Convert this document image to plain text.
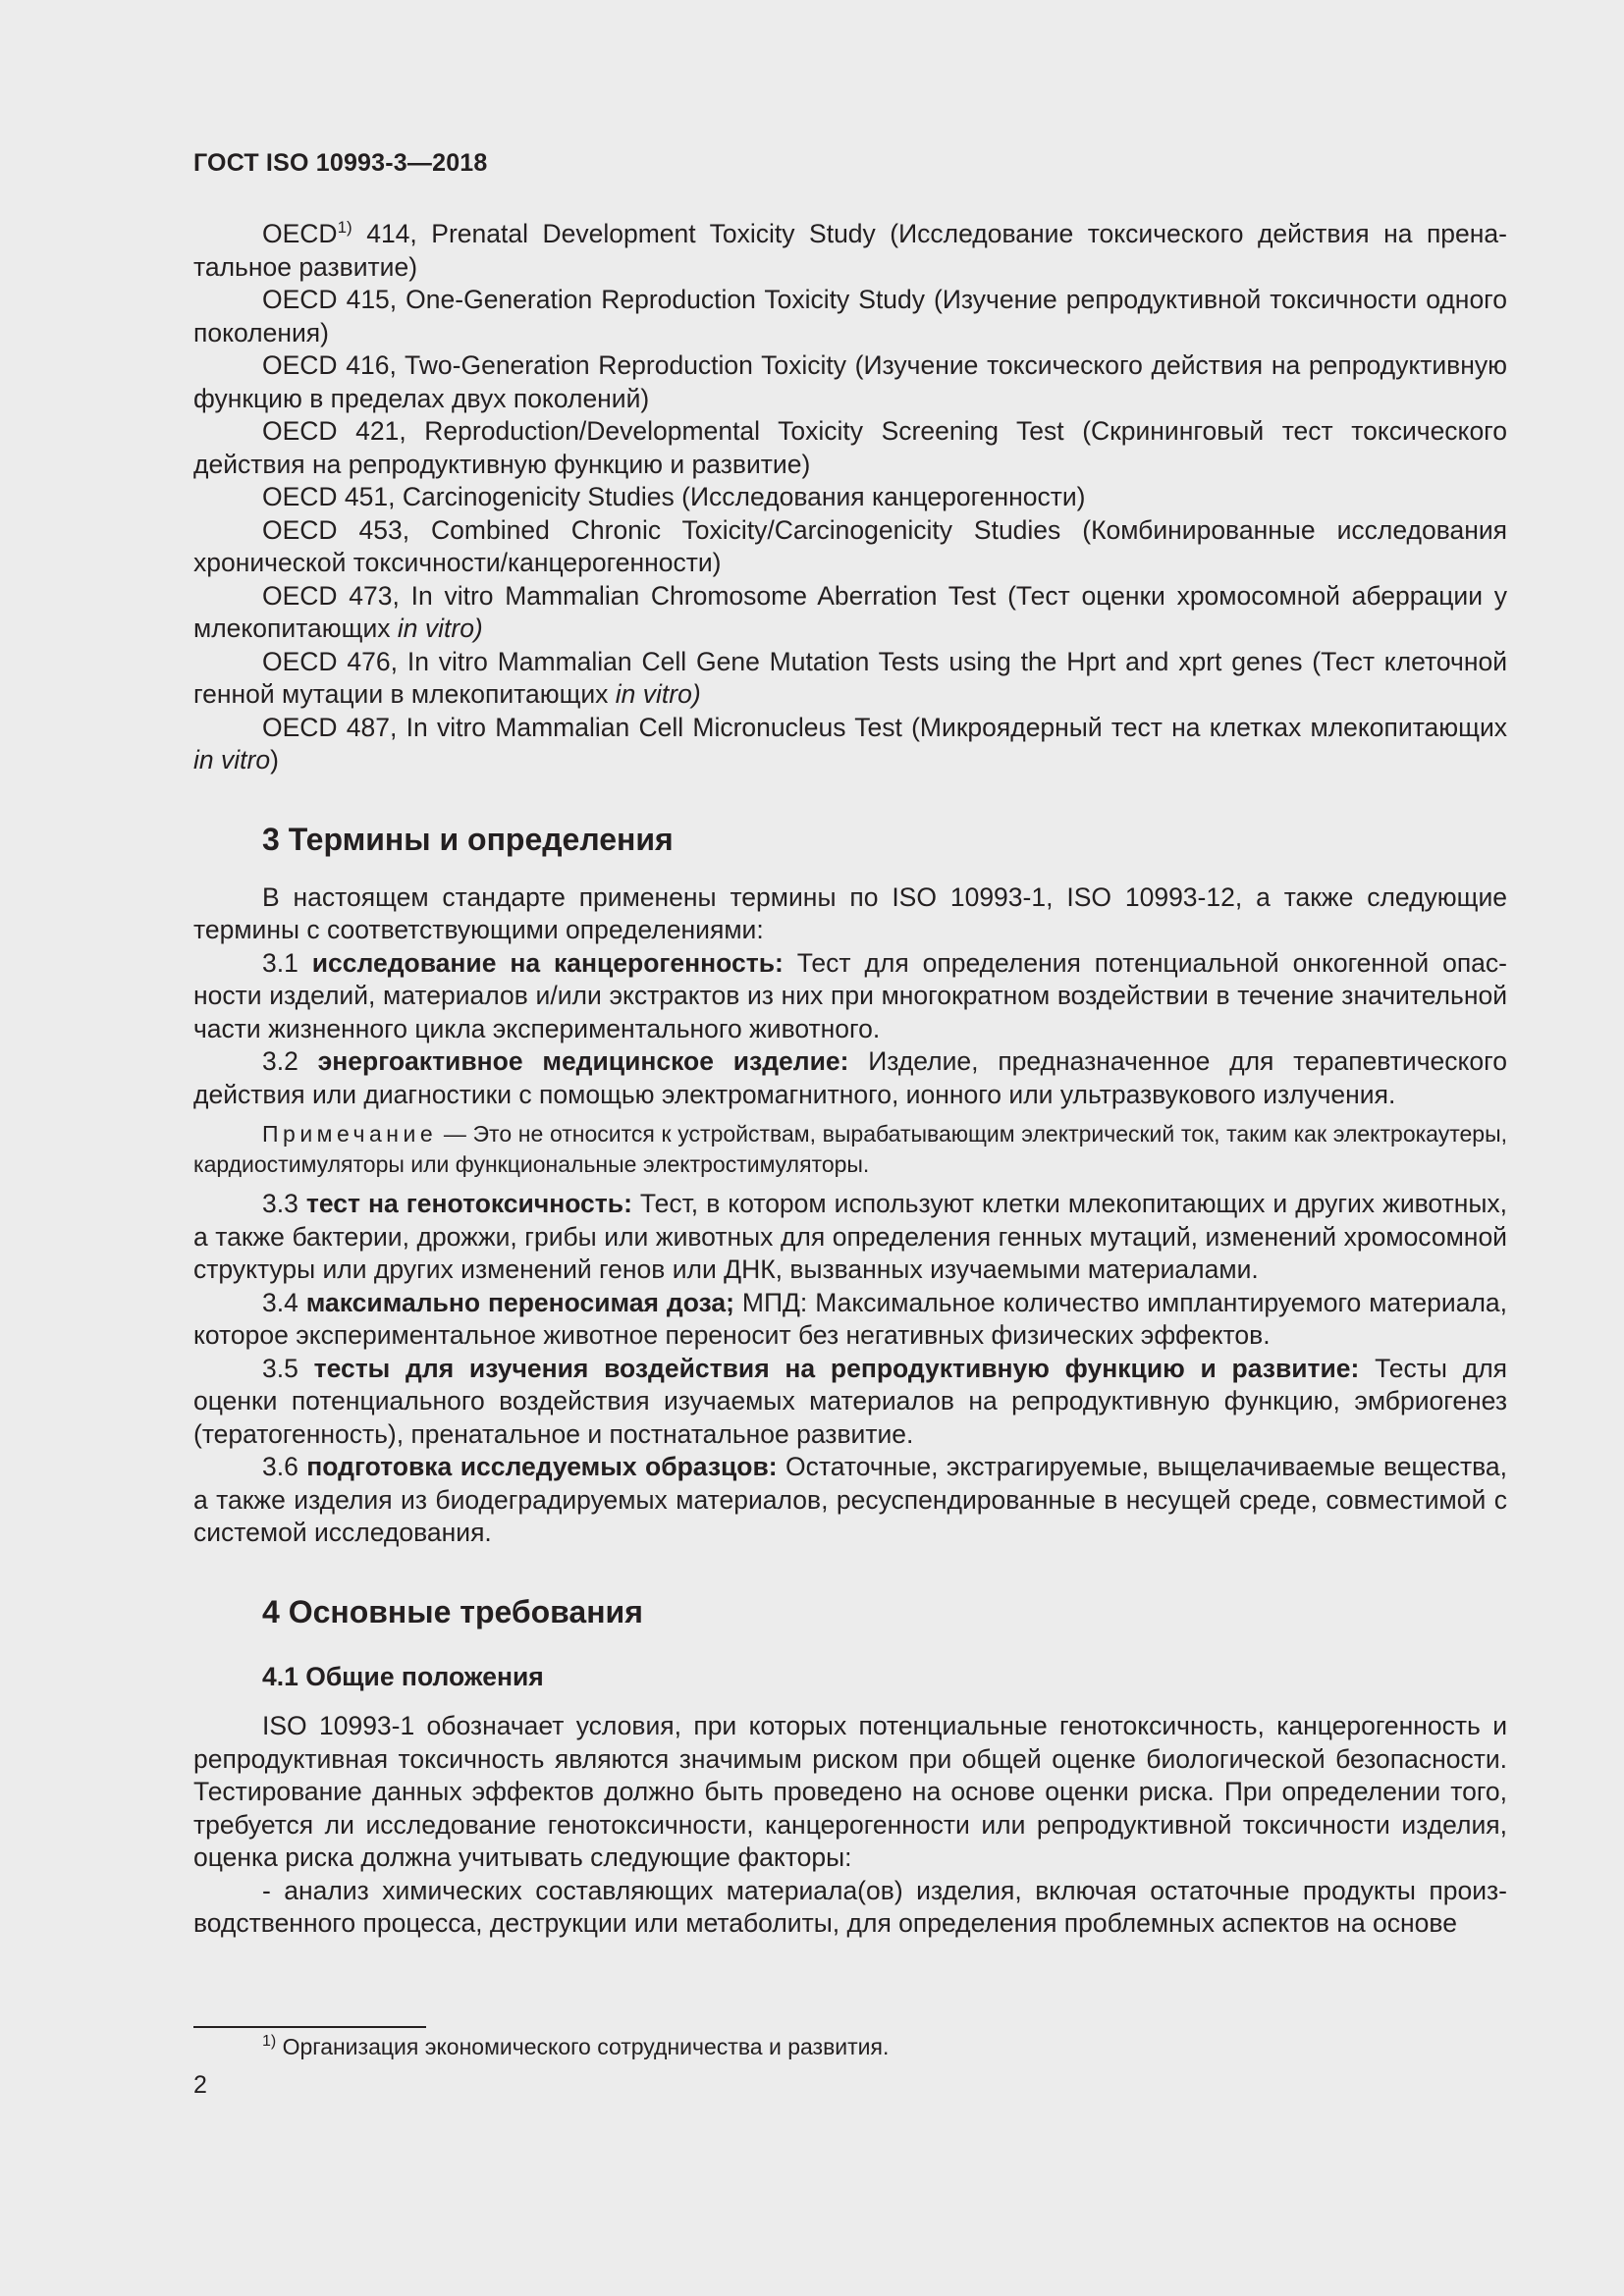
ГОСТ ISO 10993-3—2018

OECD$^{1)}$ 414, Prenatal Development Toxicity Study (Исследование токсического действия на пренатальное развитие)

OECD 415, One-Generation Reproduction Toxicity Study (Изучение репродуктивной токсичности одного поколения)

OECD 416, Two-Generation Reproduction Toxicity (Изучение токсического действия на репродуктивную функцию в пределах двух поколений)

OECD 421, Reproduction/Developmental Toxicity Screening Test (Скрининговый тест токсического действия на репродуктивную функцию и развитие)

OECD 451, Carcinogenicity Studies (Исследования канцерогенности)

OECD 453, Combined Chronic Toxicity/Carcinogenicity Studies (Комбинированные исследования хронической токсичности/канцерогенности)

OECD 473, In vitro Mammalian Chromosome Aberration Test (Тест оценки хромосомной аберрации у млекопитающих in vitro)

OECD 476, In vitro Mammalian Cell Gene Mutation Tests using the Hprt and xprt genes (Тест клеточной генной мутации в млекопитающих in vitro)

OECD 487, In vitro Mammalian Cell Micronucleus Test (Микроядерный тест на клетках млекопитающих in vitro)

3 Термины и определения

В настоящем стандарте применены термины по ISO 10993-1, ISO 10993-12, а также следующие термины с соответствующими определениями:

3.1 исследование на канцерогенность: Тест для определения потенциальной онкогенной опасности изделий, материалов и/или экстрактов из них при многократном воздействии в течение значительной части жизненного цикла экспериментального животного.

3.2 энергоактивное медицинское изделие: Изделие, предназначенное для терапевтического действия или диагностики с помощью электромагнитного, ионного или ультразвукового излучения.

Примечание — Это не относится к устройствам, вырабатывающим электрический ток, таким как электрокаутеры, кардиостимуляторы или функциональные электростимуляторы.

3.3 тест на генотоксичность: Тест, в котором используют клетки млекопитающих и других животных, а также бактерии, дрожжи, грибы или животных для определения генных мутаций, изменений хромосомной структуры или других изменений генов или ДНК, вызванных изучаемыми материалами.

3.4 максимально переносимая доза; МПД: Максимальное количество имплантируемого материала, которое экспериментальное животное переносит без негативных физических эффектов.

3.5 тесты для изучения воздействия на репродуктивную функцию и развитие: Тесты для оценки потенциального воздействия изучаемых материалов на репродуктивную функцию, эмбриогенез (тератогенность), пренатальное и постнатальное развитие.

3.6 подготовка исследуемых образцов: Остаточные, экстрагируемые, выщелачиваемые вещества, а также изделия из биодеградируемых материалов, ресуспендированные в несущей среде, совместимой с системой исследования.

4 Основные требования
4.1 Общие положения

ISO 10993-1 обозначает условия, при которых потенциальные генотоксичность, канцерогенность и репродуктивная токсичность являются значимым риском при общей оценке биологической безопасности. Тестирование данных эффектов должно быть проведено на основе оценки риска. При определении того, требуется ли исследование генотоксичности, канцерогенности или репродуктивной токсичности изделия, оценка риска должна учитывать следующие факторы:

- анализ химических составляющих материала(ов) изделия, включая остаточные продукты производственного процесса, деструкции или метаболиты, для определения проблемных аспектов на основе

$^{1)}$ Организация экономического сотрудничества и развития.
2
